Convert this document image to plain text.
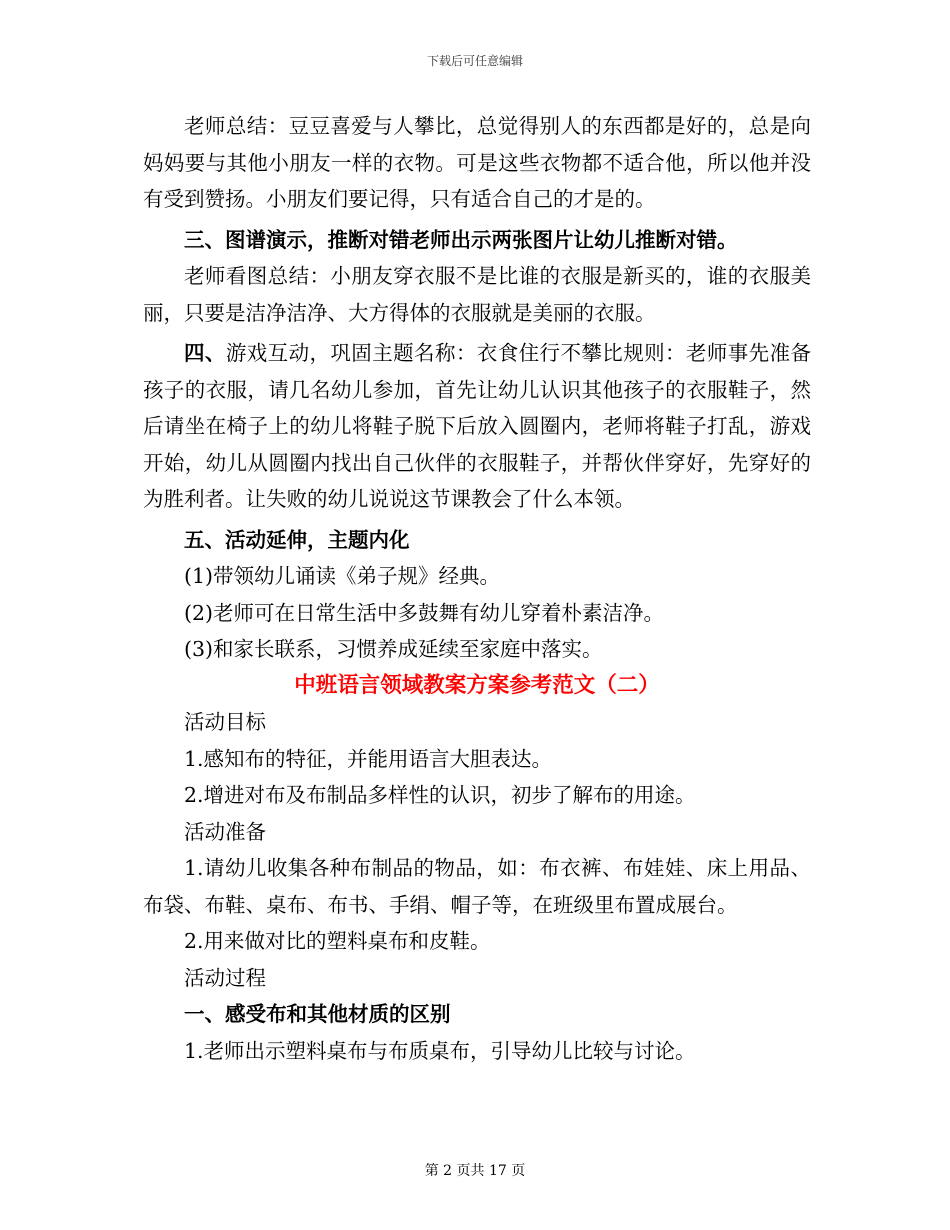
下载后可任意编辑

老师总结：豆豆喜爱与人攀比，总觉得别人的东西都是好的，总是向妈妈要与其他小朋友一样的衣物。可是这些衣物都不适合他，所以他并没有受到赞扬。小朋友们要记得，只有适合自己的才是的。

三、图谱演示，推断对错老师出示两张图片让幼儿推断对错。

老师看图总结：小朋友穿衣服不是比谁的衣服是新买的，谁的衣服美丽，只要是洁净洁净、大方得体的衣服就是美丽的衣服。

四、游戏互动，巩固主题名称：衣食住行不攀比规则：老师事先准备孩子的衣服，请几名幼儿参加，首先让幼儿认识其他孩子的衣服鞋子，然后请坐在椅子上的幼儿将鞋子脱下后放入圆圈内，老师将鞋子打乱，游戏开始，幼儿从圆圈内找出自己伙伴的衣服鞋子，并帮伙伴穿好，先穿好的为胜利者。让失败的幼儿说说这节课教会了什么本领。

五、活动延伸，主题内化

(1)带领幼儿诵读《弟子规》经典。

(2)老师可在日常生活中多鼓舞有幼儿穿着朴素洁净。

(3)和家长联系，习惯养成延续至家庭中落实。

中班语言领域教案方案参考范文（二）

活动目标

1.感知布的特征，并能用语言大胆表达。

2.增进对布及布制品多样性的认识，初步了解布的用途。

活动准备

1.请幼儿收集各种布制品的物品，如：布衣裤、布娃娃、床上用品、布袋、布鞋、桌布、布书、手绢、帽子等，在班级里布置成展台。

2.用来做对比的塑料桌布和皮鞋。

活动过程

一、感受布和其他材质的区别

1.老师出示塑料桌布与布质桌布，引导幼儿比较与讨论。

第 2 页共 17 页
